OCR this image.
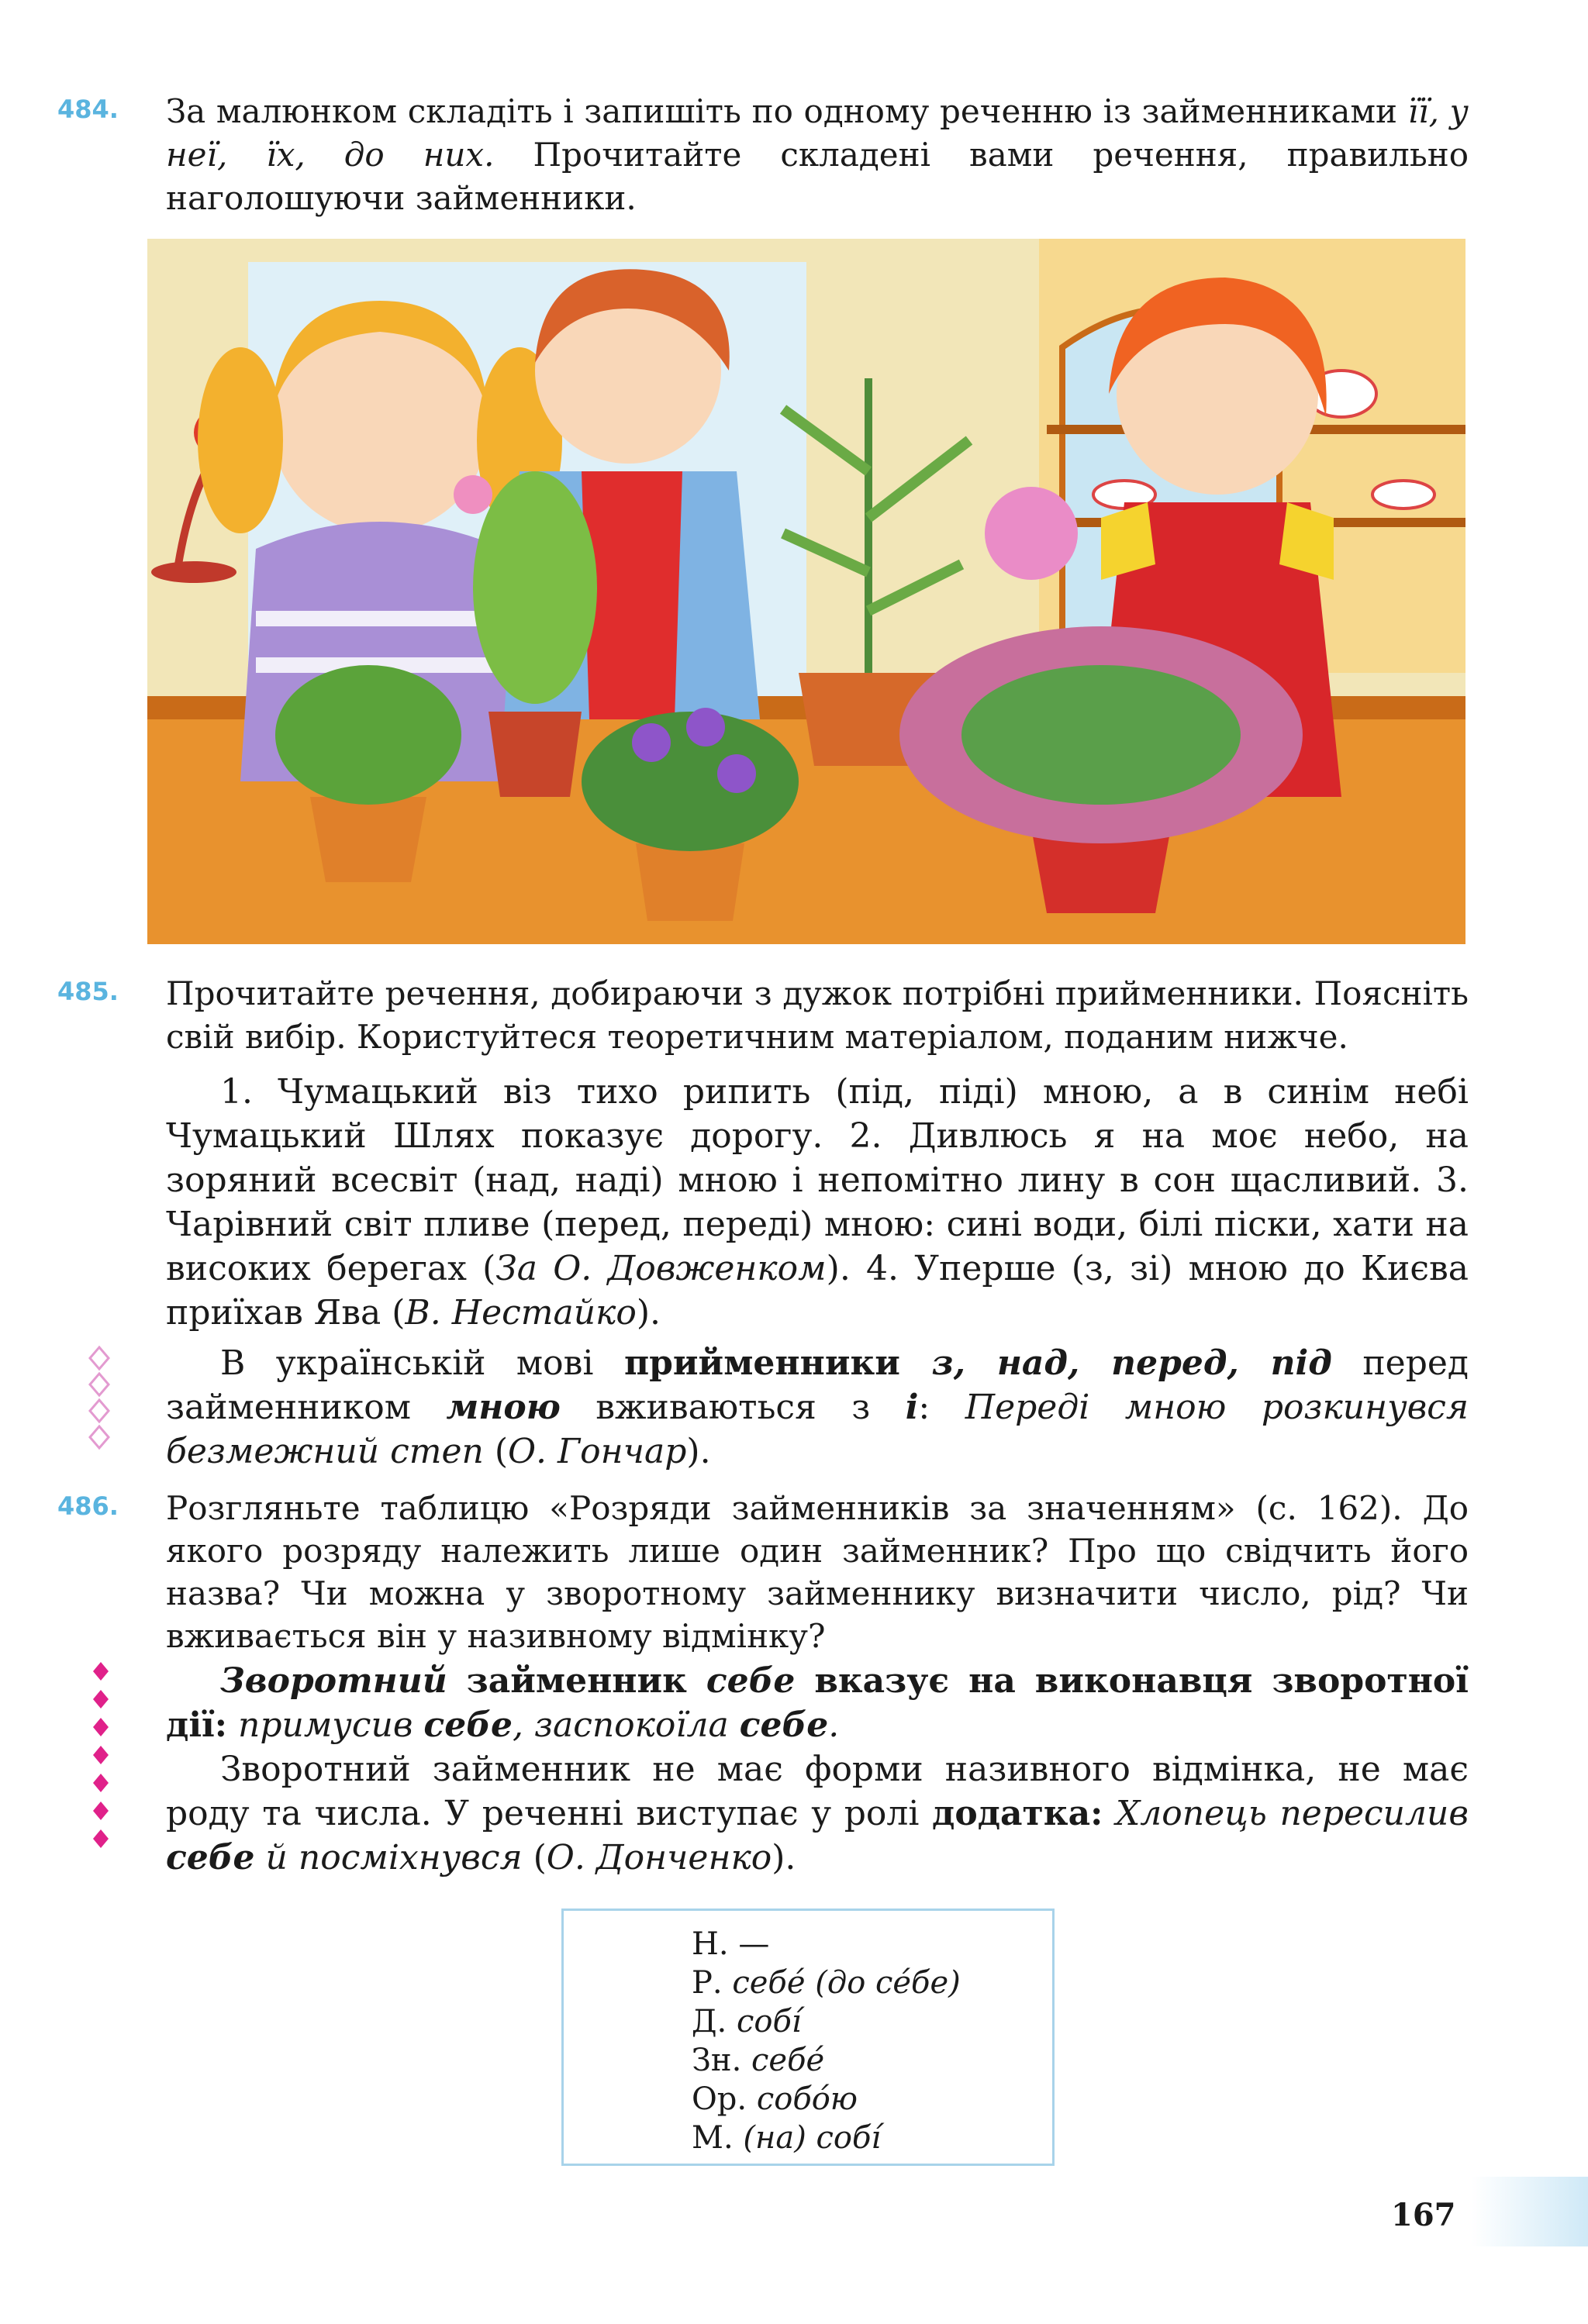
484. За малюнком складіть і запишіть по одному реченню із займенниками її, у неї, їх, до них. Прочитайте складені вами речення, правильно наголошуючи займенники.

485. Прочитайте речення, добираючи з дужок потрібні прийменники. Поясніть свій вибір. Користуйтеся теоретичним матеріалом, поданим нижче.

1. Чумацький віз тихо рипить (під, піді) мною, а в синім небі Чумацький Шлях показує дорогу. 2. Дивлюсь я на моє небо, на зоряний всесвіт (над, наді) мною і непомітно лину в сон щасливий. 3. Чарівний світ пливе (перед, переді) мною: сині води, білі піски, хати на високих берегах (За О. Довженком). 4. Уперше (з, зі) мною до Києва приїхав Ява (В. Нестайко).

В українській мові прийменники з, над, перед, під перед займенником мною вживаються з і: Переді мною розкинувся безмежний степ (О. Гончар).

486. Розгляньте таблицю «Розряди займенників за значенням» (с. 162). До якого розряду належить лише один займенник? Про що свідчить його назва? Чи можна у зворотному займеннику визначити число, рід? Чи вживається він у називному відмінку?

Зворотний займенник себе вказує на виконавця зворотної дії: примусив себе, заспокоїла себе.

Зворотний займенник не має форми називного відмінка, не має роду та числа. У реченні виступає у ролі додатка: Хлопець пересилив себе й посміхнувся (О. Донченко).

Н. —
Р. себе́ (до се́бе)
Д. собі́
Зн. себе́
Ор. собо́ю
М. (на) собі́
167
